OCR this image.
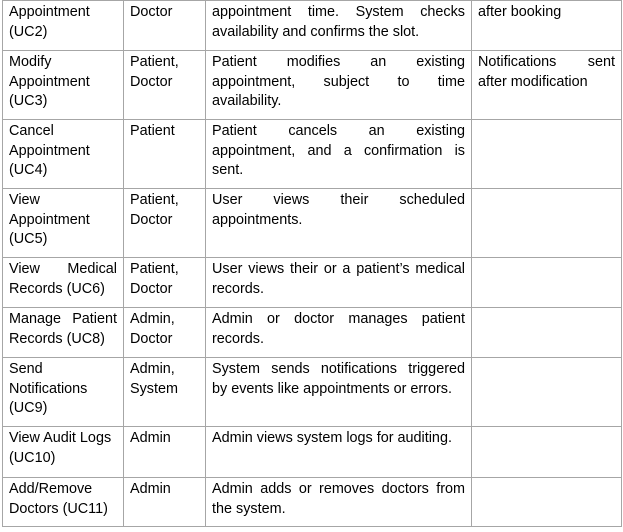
Appointment
(UC2)	Doctor	appointment time. System checks
availability and confirms the slot.	after booking

Modify
Appointment
(UC3)	Patient,
Doctor	Patient modifies an existing
appointment, subject to time
availability.	Notifications sent
after modification

Cancel
Appointment
(UC4)	Patient	Patient cancels an existing
appointment, and a confirmation is
sent.	

View
Appointment
(UC5)	Patient,
Doctor	User views their scheduled
appointments.	

View Medical
Records (UC6)	Patient,
Doctor	User views their or a patient’s medical
records.	

Manage Patient
Records (UC8)	Admin,
Doctor	Admin or doctor manages patient
records.	

Send
Notifications
(UC9)	Admin,
System	System sends notifications triggered
by events like appointments or errors.	

View Audit Logs
(UC10)	Admin	Admin views system logs for auditing.	

Add/Remove
Doctors (UC11)	Admin	Admin adds or removes doctors from
the system.	
